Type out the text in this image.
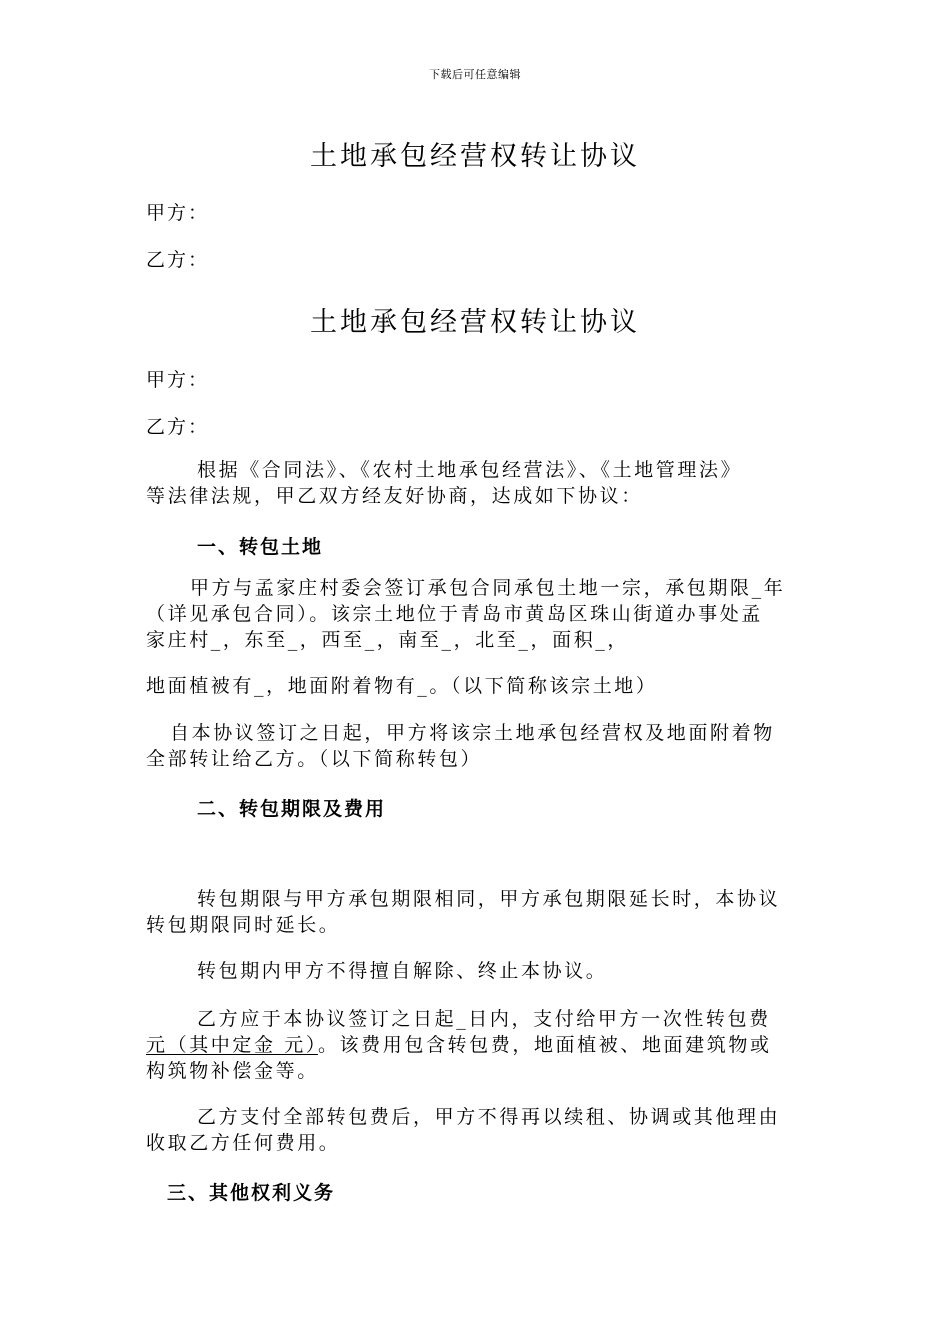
下载后可任意编辑

土地承包经营权转让协议

甲方：

乙方：

土地承包经营权转让协议

甲方：

乙方：

根据《合同法》、《农村土地承包经营法》、《土地管理法》

等法律法规，甲乙双方经友好协商，达成如下协议：

一、转包土地

甲方与孟家庄村委会签订承包合同承包土地一宗，承包期限_年

（详见承包合同）。该宗土地位于青岛市黄岛区珠山街道办事处孟

家庄村_，东至_，西至_，南至_，北至_，面积_，

地面植被有_，地面附着物有_。（以下简称该宗土地）

自本协议签订之日起，甲方将该宗土地承包经营权及地面附着物

全部转让给乙方。（以下简称转包）

二、转包期限及费用

转包期限与甲方承包期限相同，甲方承包期限延长时，本协议

转包期限同时延长。

转包期内甲方不得擅自解除、终止本协议。

乙方应于本协议签订之日起_日内，支付给甲方一次性转包费

元（其中定金 元）。该费用包含转包费，地面植被、地面建筑物或

构筑物补偿金等。

乙方支付全部转包费后，甲方不得再以续租、协调或其他理由

收取乙方任何费用。

三、其他权利义务
